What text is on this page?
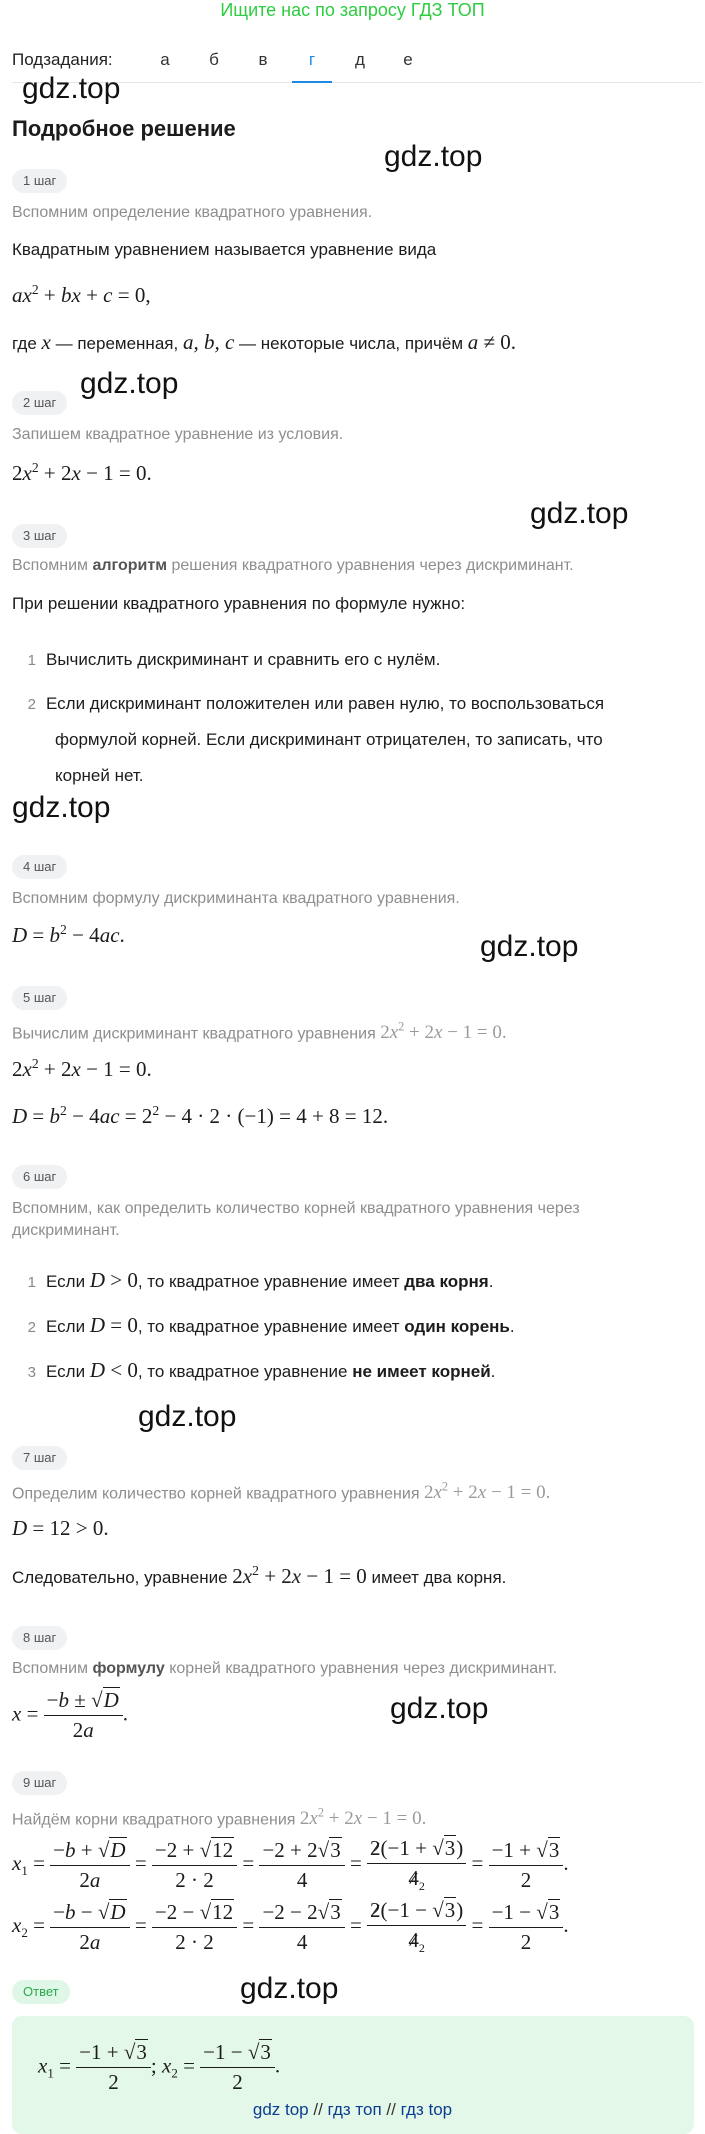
Ищите нас по запросу ГДЗ ТОП
Подзадания:	а	б	в	г	д	е
gdz.top
gdz.top
gdz.top
gdz.top
gdz.top
gdz.top
gdz.top
gdz.top
gdz.top
Подробное решение
1 шаг
Вспомним определение квадратного уравнения.
Квадратным уравнением называется уравнение вида
$ax^2$ + bx + c = 0,
где x — переменная, a, b, c — некоторые числа, причём a ≠ 0.
2 шаг
Запишем квадратное уравнение из условия.
$2x^2 + 2x - 1 = 0$.
3 шаг
Вспомним алгоритм решения квадратного уравнения через дискриминант.
При решении квадратного уравнения по формуле нужно:
1 Вычислить дискриминант и сравнить его с нулём.
2 Если дискриминант положителен или равен нулю, то воспользоваться
формулой корней. Если дискриминант отрицателен, то записать, что
корней нет.
4 шаг
Вспомним формулу дискриминанта квадратного уравнения.
$D = b^2 - 4ac$.
5 шаг
Вычислим дискриминант квадратного уравнения $2x^2 + 2x - 1 = 0$.
$2x^2 + 2x - 1 = 0$.
$D = b^2 - 4ac = 2^2 - 4 \cdot 2 \cdot (-1) = 4 + 8 = 12$.
6 шаг
Вспомним, как определить количество корней квадратного уравнения через
дискриминант.
1 Если D > 0, то квадратное уравнение имеет два корня.
2 Если D = 0, то квадратное уравнение имеет один корень.
3 Если D < 0, то квадратное уравнение не имеет корней.
7 шаг
Определим количество корней квадратного уравнения $2x^2 + 2x - 1 = 0$.
D = 12 > 0.
Следовательно, уравнение $2x^2 + 2x - 1 = 0$ имеет два корня.
8 шаг
Вспомним формулу корней квадратного уравнения через дискриминант.
$x = \frac{-b \pm √D}{2a}$ .
9 шаг
Найдём корни квадратного уравнения $2x^2 + 2x - 1 = 0$.
$x_1 = \frac{-b + √D}{2a} = \frac{-2 + √12}{2 \cdot 2} = \frac{-2 + 2√3}{4} = \frac{2(-1 + √3)}{4_2} = \frac{-1 + √3}{2}$ .
$x_2 = \frac{-b - √D}{2a} = \frac{-2 - √12}{2 \cdot 2} = \frac{-2 - 2√3}{4} = \frac{2(-1 - √3)}{4_2} = \frac{-1 - √3}{2}$ .
Ответ
$x_1 = \frac{-1 + √3}{2}$ ; $x_2 = \frac{-1 - √3}{2}$ .
gdz top // гдз топ // гдз top
